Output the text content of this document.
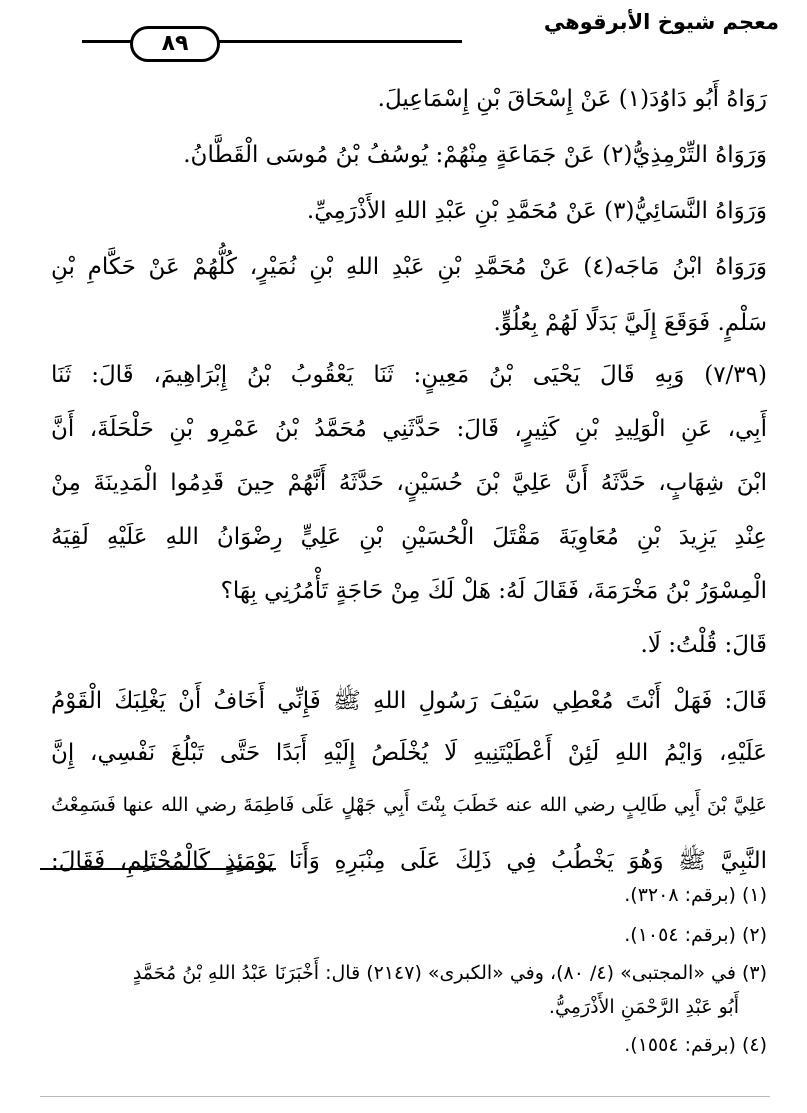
معجم شيوخ الأبرقوهي
٨٩
رَوَاهُ أَبُو دَاوُدَ(١) عَنْ إِسْحَاقَ بْنِ إِسْمَاعِيلَ.
وَرَوَاهُ التِّرْمِذِيُّ(٢) عَنْ جَمَاعَةٍ مِنْهُمْ: يُوسُفُ بْنُ مُوسَى الْقَطَّانُ.
وَرَوَاهُ النَّسَائِيُّ(٣) عَنْ مُحَمَّدِ بْنِ عَبْدِ اللهِ الأَذْرَمِيِّ.
وَرَوَاهُ ابْنُ مَاجَه(٤) عَنْ مُحَمَّدِ بْنِ عَبْدِ اللهِ بْنِ نُمَيْرٍ، كُلُّهُمْ عَنْ حَكَّامِ بْنِ
سَلْمٍ. فَوَقَعَ إِلَيَّ بَدَلًا لَهُمْ بِعُلُوٍّ.
(٧/٣٩) وَبِهِ قَالَ يَحْيَى بْنُ مَعِينٍ: ثَنَا يَعْقُوبُ بْنُ إِبْرَاهِيمَ، قَالَ: ثَنَا
أَبِي، عَنِ الْوَلِيدِ بْنِ كَثِيرٍ، قَالَ: حَدَّثَنِي مُحَمَّدُ بْنُ عَمْرِو بْنِ حَلْحَلَةَ، أَنَّ
ابْنَ شِهَابٍ، حَدَّثَهُ أَنَّ عَلِيَّ بْنَ حُسَيْنٍ، حَدَّثَهُ أَنَّهُمْ حِينَ قَدِمُوا الْمَدِينَةَ مِنْ
عِنْدِ يَزِيدَ بْنِ مُعَاوِيَةَ مَقْتَلَ الْحُسَيْنِ بْنِ عَلِيٍّ رِضْوَانُ اللهِ عَلَيْهِ لَقِيَهُ
الْمِسْوَرُ بْنُ مَخْرَمَةَ، فَقَالَ لَهُ: هَلْ لَكَ مِنْ حَاجَةٍ تَأْمُرُنِي بِهَا؟
قَالَ: قُلْتُ: لَا.
قَالَ: فَهَلْ أَنْتَ مُعْطِي سَيْفَ رَسُولِ اللهِ ﷺ فَإِنِّي أَخَافُ أَنْ يَغْلِبَكَ الْقَوْمُ
عَلَيْهِ، وَايْمُ اللهِ لَئِنْ أَعْطَيْتَنِيهِ لَا يُخْلَصُ إِلَيْهِ أَبَدًا حَتَّى تَبْلُغَ نَفْسِي، إِنَّ
عَلِيَّ بْنَ أَبِي طَالِبٍ رضي الله عنه خَطَبَ بِنْتَ أَبِي جَهْلٍ عَلَى فَاطِمَةَ رضي الله عنها فَسَمِعْتُ
النَّبِيَّ ﷺ وَهُوَ يَخْطُبُ فِي ذَلِكَ عَلَى مِنْبَرِهِ وَأَنَا يَوْمَئِذٍ كَالْمُحْتَلِمِ، فَقَالَ:
(١) (برقم: ٣٢٠٨).
(٢) (برقم: ١٠٥٤).
(٣) في «المجتبى» (٤/ ٨٠)، وفي «الكبرى» (٢١٤٧) قال: أَخْبَرَنَا عَبْدُ اللهِ بْنُ مُحَمَّدٍ
أَبُو عَبْدِ الرَّحْمَنِ الأَذْرَمِيُّ.
(٤) (برقم: ١٥٥٤).
